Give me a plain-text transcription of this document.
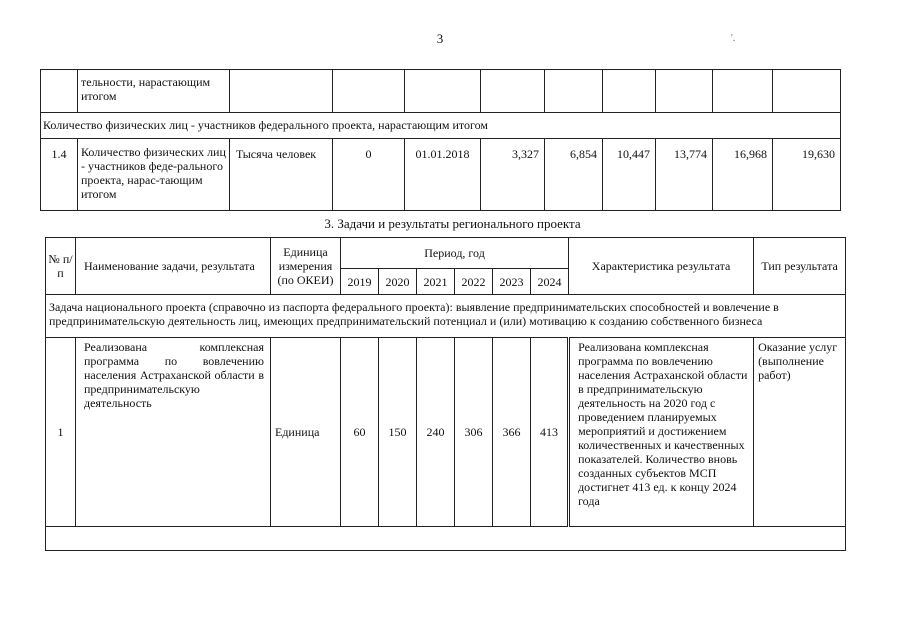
3	'.
	тельности, нарастающим итогом									
Количество физических лиц - участников федерального проекта, нарастающим итогом										
1.4	Количество физических лиц - участников феде-рального проекта, нарас-тающим итогом	Тысяча человек	0	01.01.2018	3,327	6,854	10,447	13,774	16,968	19,630
3. Задачи и результаты регионального проекта
№ п/п	Наименование задачи, результата	Единица измерения (по ОКЕИ)	Период, год						Характеристика результата	Тип результата
			2019	2020	2021	2022	2023	2024		
Задача национального проекта (справочно из паспорта федерального проекта): выявление предпринимательских способностей и вовлечение в предпринимательскую деятельность лиц, имеющих предпринимательский потенциал и (или) мотивацию к созданию собственного бизнеса										
1	Реализована комплексная программа по вовлечению населения Астраханской области в предпринимательскую деятельность	Единица	60	150	240	306	366	413	Реализована комплексная программа по вовлечению населения Астраханской области в предпринимательскую деятельность на 2020 год с проведением планируемых мероприятий и достижением количественных и качественных показателей. Количество вновь созданных субъектов МСП достигнет 413 ед. к концу 2024 года	Оказание услуг (выполнение работ)
